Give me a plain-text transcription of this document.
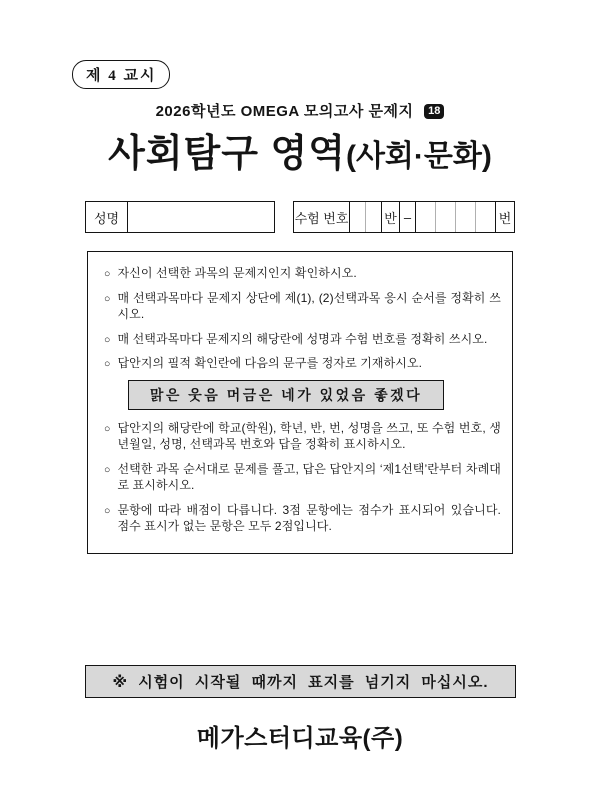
제 4 교시
2026학년도 OMEGA 모의고사 문제지 18
사회탐구 영역(사회·문화)
성명	수험 번호	반 –	번
○ 자신이 선택한 과목의 문제지인지 확인하시오.
○ 매 선택과목마다 문제지 상단에 제(1), (2)선택과목 응시 순서를 정확히 쓰시오.
○ 매 선택과목마다 문제지의 해당란에 성명과 수험 번호를 정확히 쓰시오.
○ 답안지의 필적 확인란에 다음의 문구를 정자로 기재하시오.
맑은 웃음 머금은 네가 있었음 좋겠다
○ 답안지의 해당란에 학교(학원), 학년, 반, 번, 성명을 쓰고, 또 수험 번호, 생년월일, 성명, 선택과목 번호와 답을 정확히 표시하시오.
○ 선택한 과목 순서대로 문제를 풀고, 답은 답안지의 ‘제1선택’란부터 차례대로 표시하시오.
○ 문항에 따라 배점이 다릅니다. 3점 문항에는 점수가 표시되어 있습니다. 점수 표시가 없는 문항은 모두 2점입니다.
※ 시험이 시작될 때까지 표지를 넘기지 마십시오.
메가스터디교육(주)
